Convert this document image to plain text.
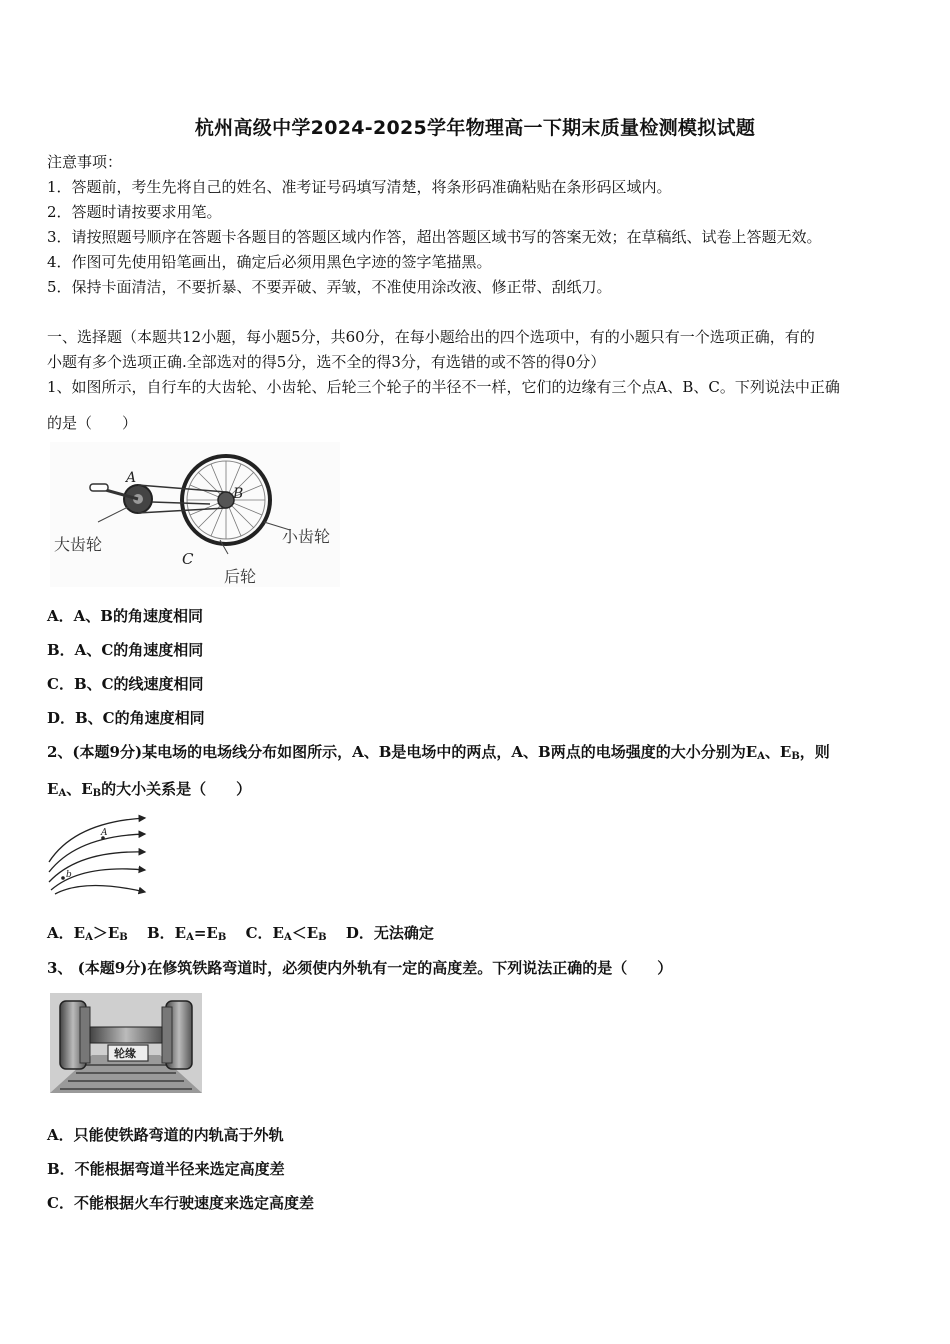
杭州高级中学2024-2025学年物理高一下期末质量检测模拟试题
注意事项：
1．答题前，考生先将自己的姓名、准考证号码填写清楚，将条形码准确粘贴在条形码区域内。
2．答题时请按要求用笔。
3．请按照题号顺序在答题卡各题目的答题区域内作答，超出答题区域书写的答案无效；在草稿纸、试卷上答题无效。
4．作图可先使用铅笔画出，确定后必须用黑色字迹的签字笔描黑。
5．保持卡面清洁，不要折暴、不要弄破、弄皱，不准使用涂改液、修正带、刮纸刀。
一、选择题（本题共12小题，每小题5分，共60分，在每小题给出的四个选项中，有的小题只有一个选项正确，有的
小题有多个选项正确.全部选对的得5分，选不全的得3分，有选错的或不答的得0分）
1、如图所示，自行车的大齿轮、小齿轮、后轮三个轮子的半径不一样，它们的边缘有三个点A、B、C。下列说法中正确
的是（　　）
A
B
C
大齿轮	小齿轮
后轮
A．A、B的角速度相同
B．A、C的角速度相同
C．B、C的线速度相同
D．B、C的角速度相同
2、(本题9分)某电场的电场线分布如图所示，A、B是电场中的两点，A、B两点的电场强度的大小分别为$E_A$、$E_B$，则
$E_A$、$E_B$的大小关系是（　　）
A
b
A．$E_A>E_B$ B．$E_A=E_B$ C．$E_A<E_B$ D．无法确定
3、 (本题9分)在修筑铁路弯道时，必须使内外轨有一定的高度差。下列说法正确的是（　　）
轮缘
A．只能使铁路弯道的内轨高于外轨
B．不能根据弯道半径来选定高度差
C．不能根据火车行驶速度来选定高度差
